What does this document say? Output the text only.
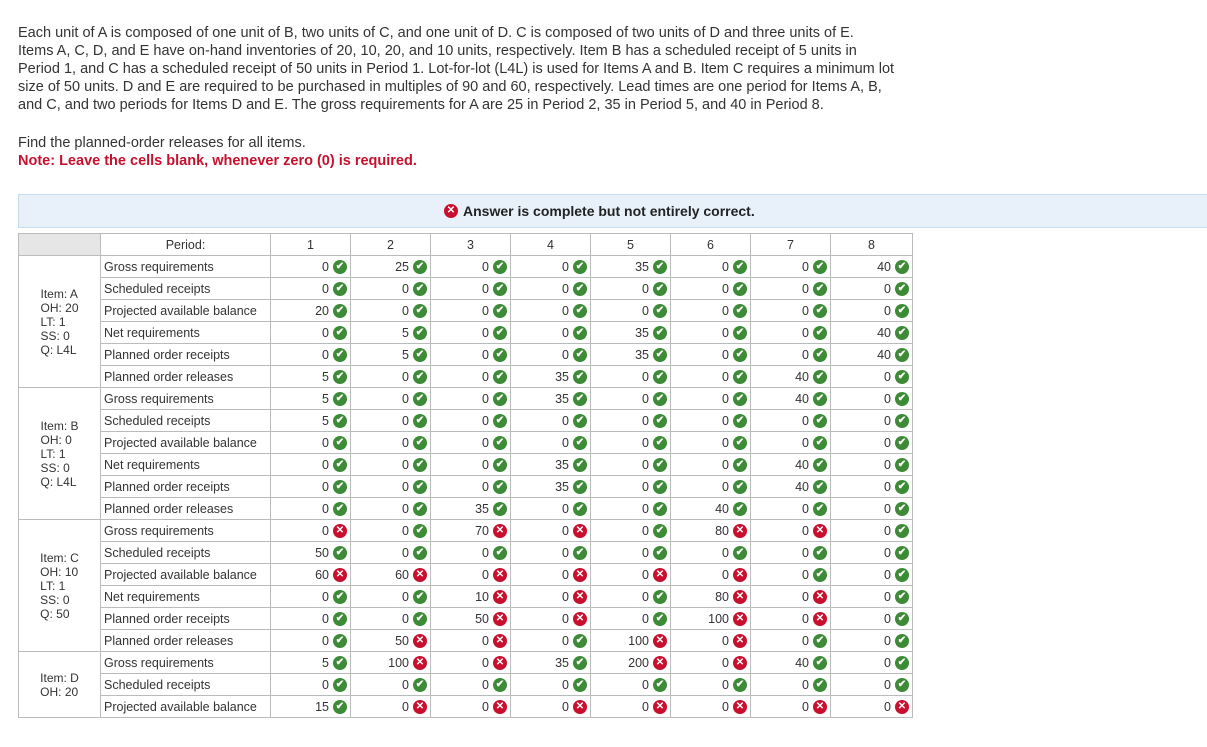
Each unit of A is composed of one unit of B, two units of C, and one unit of D. C is composed of two units of D and three units of E.
Items A, C, D, and E have on-hand inventories of 20, 10, 20, and 10 units, respectively. Item B has a scheduled receipt of 5 units in
Period 1, and C has a scheduled receipt of 50 units in Period 1. Lot-for-lot (L4L) is used for Items A and B. Item C requires a minimum lot
size of 50 units. D and E are required to be purchased in multiples of 90 and 60, respectively. Lead times are one period for Items A, B,
and C, and two periods for Items D and E. The gross requirements for A are 25 in Period 2, 35 in Period 5, and 40 in Period 8.
Find the planned-order releases for all items.
Note: Leave the cells blank, whenever zero (0) is required.
✕ Answer is complete but not entirely correct.
	Period:	1	2	3	4	5	6	7	8

Item: A
OH: 20
LT: 1
SS: 0
Q: L4L	Gross requirements	0 ✔	25 ✔	0 ✔	0 ✔	35 ✔	0 ✔	0 ✔	40 ✔
	Scheduled receipts	0 ✔	0 ✔	0 ✔	0 ✔	0 ✔	0 ✔	0 ✔	0 ✔
	Projected available balance	20 ✔	0 ✔	0 ✔	0 ✔	0 ✔	0 ✔	0 ✔	0 ✔
	Net requirements	0 ✔	5 ✔	0 ✔	0 ✔	35 ✔	0 ✔	0 ✔	40 ✔
	Planned order receipts	0 ✔	5 ✔	0 ✔	0 ✔	35 ✔	0 ✔	0 ✔	40 ✔
	Planned order releases	5 ✔	0 ✔	0 ✔	35 ✔	0 ✔	0 ✔	40 ✔	0 ✔

Item: B
OH: 0
LT: 1
SS: 0
Q: L4L	Gross requirements	5 ✔	0 ✔	0 ✔	35 ✔	0 ✔	0 ✔	40 ✔	0 ✔
	Scheduled receipts	5 ✔	0 ✔	0 ✔	0 ✔	0 ✔	0 ✔	0 ✔	0 ✔
	Projected available balance	0 ✔	0 ✔	0 ✔	0 ✔	0 ✔	0 ✔	0 ✔	0 ✔
	Net requirements	0 ✔	0 ✔	0 ✔	35 ✔	0 ✔	0 ✔	40 ✔	0 ✔
	Planned order receipts	0 ✔	0 ✔	0 ✔	35 ✔	0 ✔	0 ✔	40 ✔	0 ✔
	Planned order releases	0 ✔	0 ✔	35 ✔	0 ✔	0 ✔	40 ✔	0 ✔	0 ✔

Item: C
OH: 10
LT: 1
SS: 0
Q: 50	Gross requirements	0 ✕	0 ✔	70 ✕	0 ✕	0 ✔	80 ✕	0 ✕	0 ✔
	Scheduled receipts	50 ✔	0 ✔	0 ✔	0 ✔	0 ✔	0 ✔	0 ✔	0 ✔
	Projected available balance	60 ✕	60 ✕	0 ✕	0 ✕	0 ✕	0 ✕	0 ✔	0 ✔
	Net requirements	0 ✔	0 ✔	10 ✕	0 ✕	0 ✔	80 ✕	0 ✕	0 ✔
	Planned order receipts	0 ✔	0 ✔	50 ✕	0 ✕	0 ✔	100 ✕	0 ✕	0 ✔
	Planned order releases	0 ✔	50 ✕	0 ✕	0 ✔	100 ✕	0 ✕	0 ✔	0 ✔

Item: D
OH: 20	Gross requirements	5 ✔	100 ✕	0 ✕	35 ✔	200 ✕	0 ✕	40 ✔	0 ✔
	Scheduled receipts	0 ✔	0 ✔	0 ✔	0 ✔	0 ✔	0 ✔	0 ✔	0 ✔
	Projected available balance	15 ✔	0 ✕	0 ✕	0 ✕	0 ✕	0 ✕	0 ✕	0 ✕
